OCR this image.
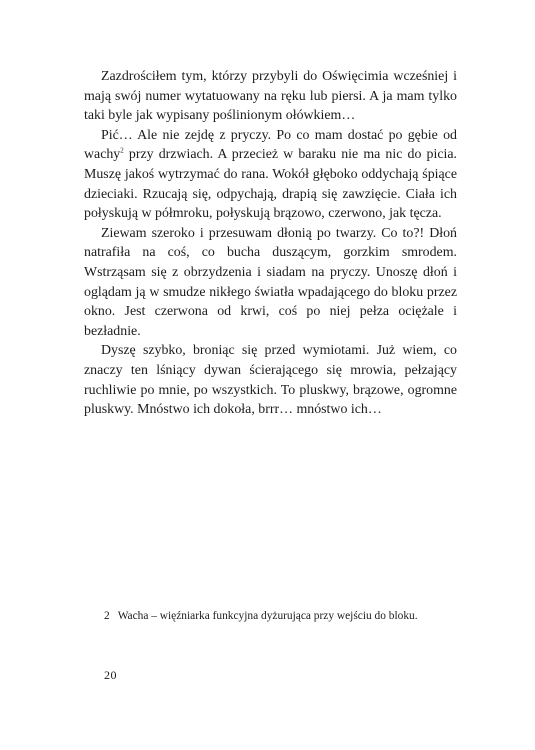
Zazdrościłem tym, którzy przybyli do Oświęcimia wcześniej i mają swój numer wytatuowany na ręku lub piersi. A ja mam tylko taki byle jak wypisany poślinionym ołówkiem…

Pić… Ale nie zejdę z pryczy. Po co mam dostać po gębie od wachy$^2$ przy drzwiach. A przecież w baraku nie ma nic do picia. Muszę jakoś wytrzymać do rana. Wokół głęboko oddychają śpiące dzieciaki. Rzucają się, odpychają, drapią się zawzięcie. Ciała ich połyskują w półmroku, połyskują brązowo, czerwono, jak tęcza.

Ziewam szeroko i przesuwam dłonią po twarzy. Co to?! Dłoń natrafiła na coś, co bucha duszącym, gorzkim smrodem. Wstrząsam się z obrzydzenia i siadam na pryczy. Unoszę dłoń i oglądam ją w smudze nikłego światła wpadającego do bloku przez okno. Jest czerwona od krwi, coś po niej pełza ociężale i bezładnie.

Dyszę szybko, broniąc się przed wymiotami. Już wiem, co znaczy ten lśniący dywan ścierającego się mrowia, pełzający ruchliwie po mnie, po wszystkich. To pluskwy, brązowe, ogromne pluskwy. Mnóstwo ich dokoła, brrr… mnóstwo ich…

2 Wacha – więźniarka funkcyjna dyżurująca przy wejściu do bloku.
20
